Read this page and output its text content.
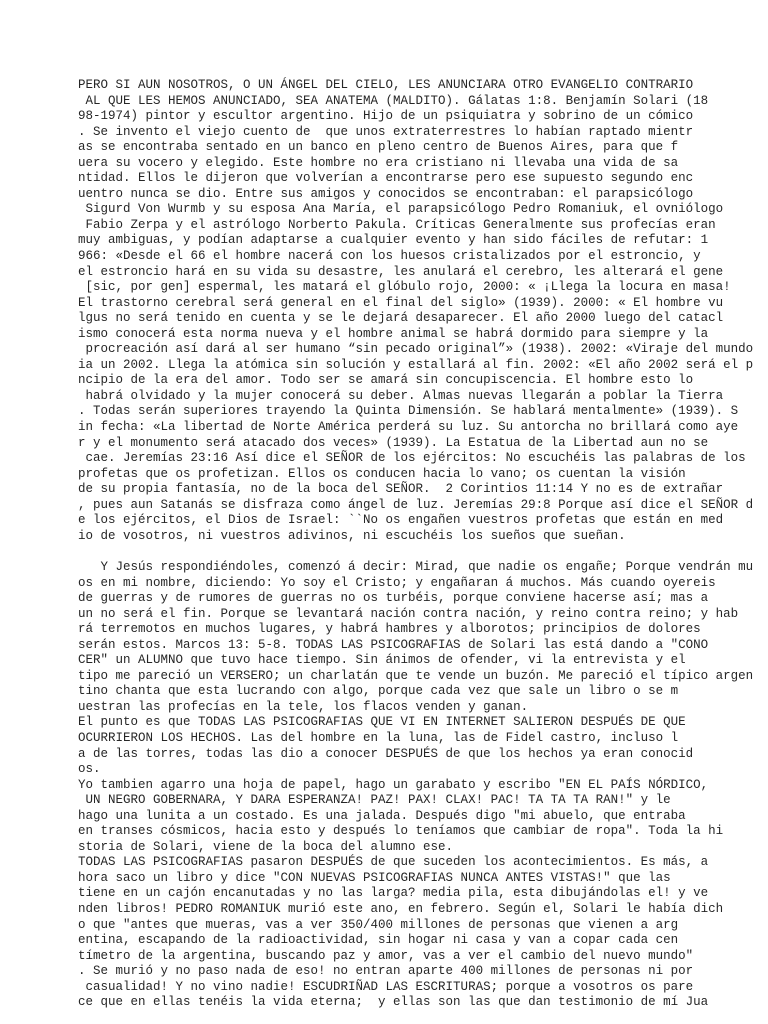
PERO SI AUN NOSOTROS, O UN ÁNGEL DEL CIELO, LES ANUNCIARA OTRO EVANGELIO CONTRARIO
AL QUE LES HEMOS ANUNCIADO, SEA ANATEMA (MALDITO). Gálatas 1:8. Benjamín Solari (18
98-1974) pintor y escultor argentino. Hijo de un psiquiatra y sobrino de un cómico
. Se invento el viejo cuento de  que unos extraterrestres lo habían raptado mientr
as se encontraba sentado en un banco en pleno centro de Buenos Aires, para que f
uera su vocero y elegido. Este hombre no era cristiano ni llevaba una vida de sa
ntidad. Ellos le dijeron que volverían a encontrarse pero ese supuesto segundo enc
uentro nunca se dio. Entre sus amigos y conocidos se encontraban: el parapsicólogo
Sigurd Von Wurmb y su esposa Ana María, el parapsicólogo Pedro Romaniuk, el ovniólogo
Fabio Zerpa y el astrólogo Norberto Pakula. Críticas Generalmente sus profecías eran
muy ambiguas, y podían adaptarse a cualquier evento y han sido fáciles de refutar: 1
966: «Desde el 66 el hombre nacerá con los huesos cristalizados por el estroncio, y
el estroncio hará en su vida su desastre, les anulará el cerebro, les alterará el gene
[sic, por gen] espermal, les matará el glóbulo rojo, 2000: « ¡Llega la locura en masa!
El trastorno cerebral será general en el final del siglo» (1939). 2000: « El hombre vu
lgus no será tenido en cuenta y se le dejará desaparecer. El año 2000 luego del catacl
ismo conocerá esta norma nueva y el hombre animal se habrá dormido para siempre y la
procreación así dará al ser humano “sin pecado original”» (1938). 2002: «Viraje del mundo
ia un 2002. Llega la atómica sin solución y estallará al fin. 2002: «El año 2002 será el p
ncipio de la era del amor. Todo ser se amará sin concupiscencia. El hombre esto lo
habrá olvidado y la mujer conocerá su deber. Almas nuevas llegarán a poblar la Tierra
. Todas serán superiores trayendo la Quinta Dimensión. Se hablará mentalmente» (1939). S
in fecha: «La libertad de Norte América perderá su luz. Su antorcha no brillará como aye
r y el monumento será atacado dos veces» (1939). La Estatua de la Libertad aun no se
cae. Jeremías 23:16 Así dice el SEÑOR de los ejércitos: No escuchéis las palabras de los
profetas que os profetizan. Ellos os conducen hacia lo vano; os cuentan la visión
de su propia fantasía, no de la boca del SEÑOR.  2 Corintios 11:14 Y no es de extrañar
, pues aun Satanás se disfraza como ángel de luz. Jeremías 29:8 Porque así dice el SEÑOR d
e los ejércitos, el Dios de Israel: ``No os engañen vuestros profetas que están en med
io de vosotros, ni vuestros adivinos, ni escuchéis los sueños que sueñan.
Y Jesús respondiéndoles, comenzó á decir: Mirad, que nadie os engañe; Porque vendrán mu
os en mi nombre, diciendo: Yo soy el Cristo; y engañaran á muchos. Más cuando oyereis
de guerras y de rumores de guerras no os turbéis, porque conviene hacerse así; mas a
un no será el fin. Porque se levantará nación contra nación, y reino contra reino; y hab
rá terremotos en muchos lugares, y habrá hambres y alborotos; principios de dolores
serán estos. Marcos 13: 5-8. TODAS LAS PSICOGRAFIAS de Solari las está dando a "CONO
CER" un ALUMNO que tuvo hace tiempo. Sin ánimos de ofender, vi la entrevista y el
tipo me pareció un VERSERO; un charlatán que te vende un buzón. Me pareció el típico argen
tino chanta que esta lucrando con algo, porque cada vez que sale un libro o se m
uestran las profecías en la tele, los flacos venden y ganan.
El punto es que TODAS LAS PSICOGRAFIAS QUE VI EN INTERNET SALIERON DESPUÉS DE QUE
OCURRIERON LOS HECHOS. Las del hombre en la luna, las de Fidel castro, incluso l
a de las torres, todas las dio a conocer DESPUÉS de que los hechos ya eran conocid
os.
Yo tambien agarro una hoja de papel, hago un garabato y escribo "EN EL PAÍS NÓRDICO,
UN NEGRO GOBERNARA, Y DARA ESPERANZA! PAZ! PAX! CLAX! PAC! TA TA TA RAN!" y le
hago una lunita a un costado. Es una jalada. Después digo "mi abuelo, que entraba
en transes cósmicos, hacia esto y después lo teníamos que cambiar de ropa". Toda la hi
storia de Solari, viene de la boca del alumno ese.
TODAS LAS PSICOGRAFIAS pasaron DESPUÉS de que suceden los acontecimientos. Es más, a
hora saco un libro y dice "CON NUEVAS PSICOGRAFIAS NUNCA ANTES VISTAS!" que las
tiene en un cajón encanutadas y no las larga? media pila, esta dibujándolas el! y ve
nden libros! PEDRO ROMANIUK murió este ano, en febrero. Según el, Solari le había dich
o que "antes que mueras, vas a ver 350/400 millones de personas que vienen a arg
entina, escapando de la radioactividad, sin hogar ni casa y van a copar cada cen
tímetro de la argentina, buscando paz y amor, vas a ver el cambio del nuevo mundo"
. Se murió y no paso nada de eso! no entran aparte 400 millones de personas ni por
casualidad! Y no vino nadie! ESCUDRIÑAD LAS ESCRITURAS; porque a vosotros os pare
ce que en ellas tenéis la vida eterna;  y ellas son las que dan testimonio de mí Jua
